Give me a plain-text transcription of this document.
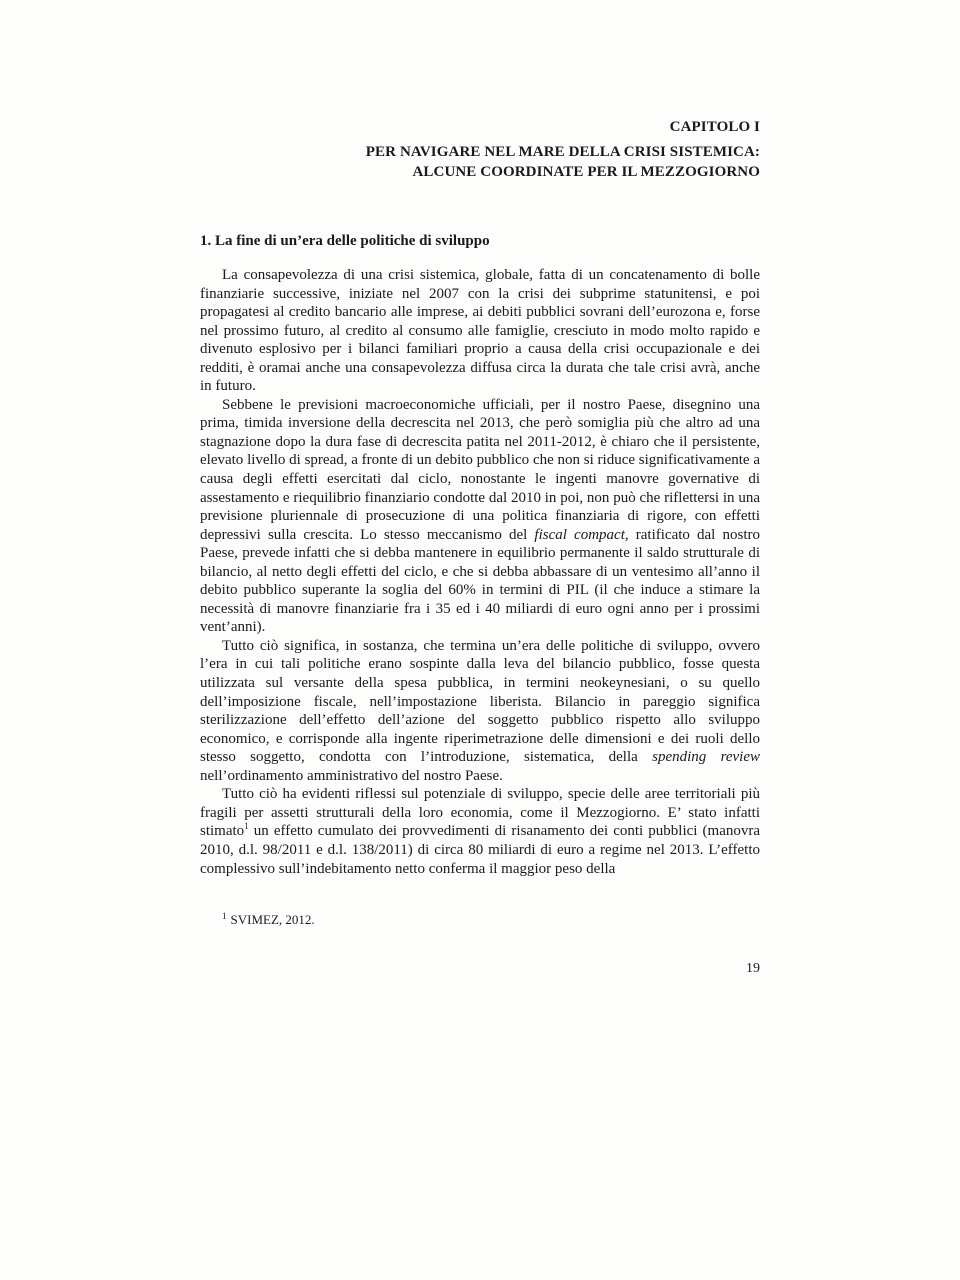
CAPITOLO I
PER NAVIGARE NEL MARE DELLA CRISI SISTEMICA:
ALCUNE COORDINATE PER IL MEZZOGIORNO
1. La fine di un’era delle politiche di sviluppo

La consapevolezza di una crisi sistemica, globale, fatta di un concatenamento di bolle finanziarie successive, iniziate nel 2007 con la crisi dei subprime statunitensi, e poi propagatesi al credito bancario alle imprese, ai debiti pubblici sovrani dell’eurozona e, forse nel prossimo futuro, al credito al consumo alle famiglie, cresciuto in modo molto rapido e divenuto esplosivo per i bilanci familiari proprio a causa della crisi occupazionale e dei redditi, è oramai anche una consapevolezza diffusa circa la durata che tale crisi avrà, anche in futuro.

Sebbene le previsioni macroeconomiche ufficiali, per il nostro Paese, disegnino una prima, timida inversione della decrescita nel 2013, che però somiglia più che altro ad una stagnazione dopo la dura fase di decrescita patita nel 2011-2012, è chiaro che il persistente, elevato livello di spread, a fronte di un debito pubblico che non si riduce significativamente a causa degli effetti esercitati dal ciclo, nonostante le ingenti manovre governative di assestamento e riequilibrio finanziario condotte dal 2010 in poi, non può che riflettersi in una previsione pluriennale di prosecuzione di una politica finanziaria di rigore, con effetti depressivi sulla crescita. Lo stesso meccanismo del fiscal compact, ratificato dal nostro Paese, prevede infatti che si debba mantenere in equilibrio permanente il saldo strutturale di bilancio, al netto degli effetti del ciclo, e che si debba abbassare di un ventesimo all’anno il debito pubblico superante la soglia del 60% in termini di PIL (il che induce a stimare la necessità di manovre finanziarie fra i 35 ed i 40 miliardi di euro ogni anno per i prossimi vent’anni).

Tutto ciò significa, in sostanza, che termina un’era delle politiche di sviluppo, ovvero l’era in cui tali politiche erano sospinte dalla leva del bilancio pubblico, fosse questa utilizzata sul versante della spesa pubblica, in termini neokeynesiani, o su quello dell’imposizione fiscale, nell’impostazione liberista. Bilancio in pareggio significa sterilizzazione dell’effetto dell’azione del soggetto pubblico rispetto allo sviluppo economico, e corrisponde alla ingente riperimetrazione delle dimensioni e dei ruoli dello stesso soggetto, condotta con l’introduzione, sistematica, della spending review nell’ordinamento amministrativo del nostro Paese.

Tutto ciò ha evidenti riflessi sul potenziale di sviluppo, specie delle aree territoriali più fragili per assetti strutturali della loro economia, come il Mezzogiorno. E’ stato infatti stimato$^1$ un effetto cumulato dei provvedimenti di risanamento dei conti pubblici (manovra 2010, d.l. 98/2011 e d.l. 138/2011) di circa 80 miliardi di euro a regime nel 2013. L’effetto complessivo sull’indebitamento netto conferma il maggior peso della

$^1$ SVIMEZ, 2012.
19
